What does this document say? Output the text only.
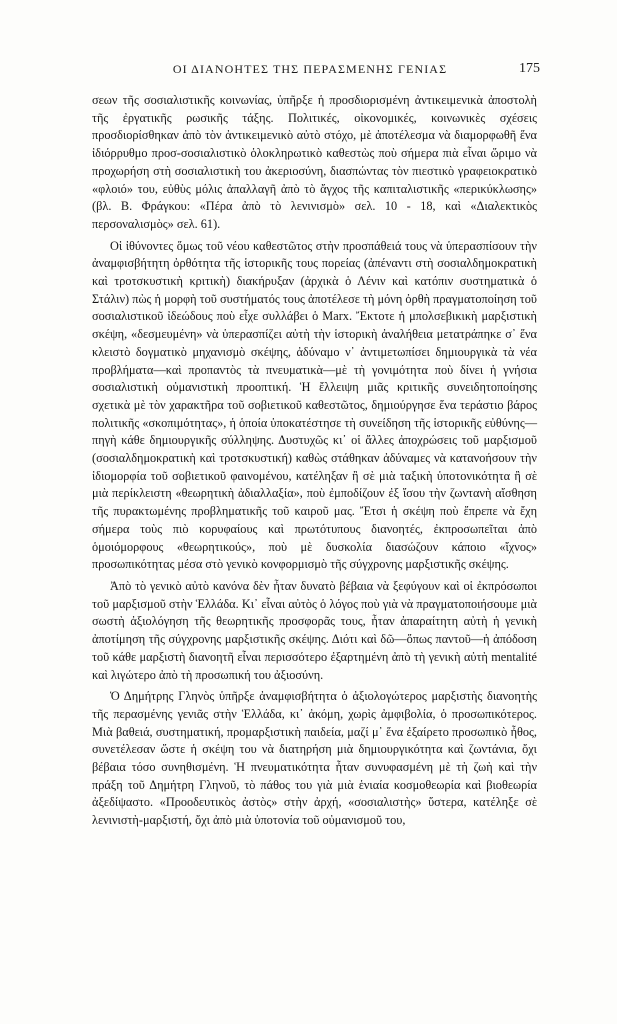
ΟΙ ΔΙΑΝΟΗΤΕΣ ΤΗΣ ΠΕΡΑΣΜΕΝΗΣ ΓΕΝΙΑΣ	175

σεων τῆς σοσιαλιστικῆς κοινωνίας, ὑπῆρξε ἡ προσδιορισμένη ἀντικειμενικὰ ἀποστολὴ τῆς ἐργατικῆς ρωσικῆς τάξης. Πολιτικές, οἰκονομικές, κοινωνικὲς σχέσεις προσδιορίσθηκαν ἀπὸ τὸν ἀντικειμενικὸ αὐτὸ στόχο, μὲ ἀποτέλεσμα νὰ διαμορφωθῆ ἕνα ἰδιόρρυθμο προσ-σοσιαλιστικὸ ὁλοκληρωτικὸ καθεστὼς ποὺ σήμερα πιὰ εἶναι ὥριμο νὰ προχωρήση στὴ σοσιαλιστικὴ του ἀκεριοσύνη, διασπώντας τὸν πιεστικὸ γραφειοκρατικὸ «φλοιό» του, εὐθὺς μόλις ἀπαλλαγῆ ἀπὸ τὸ ἄγχος τῆς καπιταλιστικῆς «περικύκλωσης» (βλ. Β. Φράγκου: «Πέρα ἀπὸ τὸ λενινισμὸ» σελ. 10 - 18, καὶ «Διαλεκτικὸς περσοναλισμὸς» σελ. 61).

Οἱ ἰθύνοντες ὅμως τοῦ νέου καθεστῶτος στὴν προσπάθειά τους νὰ ὑπερασπίσουν τὴν ἀναμφισβήτητη ὀρθότητα τῆς ἱστορικῆς τους πορείας (ἀπέναντι στὴ σοσιαλδημοκρατικὴ καὶ τροτσκυστικὴ κριτικὴ) διακήρυξαν (ἀρχικὰ ὁ Λένιν καὶ κατόπιν συστηματικὰ ὁ Στάλιν) πὼς ἡ μορφὴ τοῦ συστήματός τους ἀποτέλεσε τὴ μόνη ὀρθὴ πραγματοποίηση τοῦ σοσιαλιστικοῦ ἰδεώδους ποὺ εἶχε συλλάβει ὁ Marx. Ἔκτοτε ἡ μπολσεβικικὴ μαρξιστικὴ σκέψη, «δεσμευμένη» νὰ ὑπερασπίζει αὐτὴ τὴν ἱστορικὴ ἀναλήθεια μετατράπηκε σ᾽ ἕνα κλειστὸ δογματικὸ μηχανισμὸ σκέψης, ἀδύναμο ν᾽ ἀντιμετωπίσει δημιουργικὰ τὰ νέα προβλήματα—καὶ προπαντὸς τὰ πνευματικὰ—μὲ τὴ γονιμότητα ποὺ δίνει ἡ γνήσια σοσιαλιστικὴ οὐμανιστικὴ προοπτική. Ἡ ἔλλειψη μιᾶς κριτικῆς συνειδητοποίησης σχετικὰ μὲ τὸν χαρακτῆρα τοῦ σοβιετικοῦ καθεστῶτος, δημιούργησε ἕνα τεράστιο βάρος πολιτικῆς «σκοπιμότητας», ἡ ὁποία ὑποκατέστησε τὴ συνείδηση τῆς ἱστορικῆς εὐθύνης—πηγὴ κάθε δημιουργικῆς σύλληψης. Δυστυχῶς κι᾽ οἱ ἄλλες ἀποχρώσεις τοῦ μαρξισμοῦ (σοσιαλδημοκρατικὴ καὶ τροτσκυστική) καθὼς στάθηκαν ἀδύναμες νὰ κατανοήσουν τὴν ἰδιομορφία τοῦ σοβιετικοῦ φαινομένου, κατέληξαν ἢ σὲ μιὰ ταξικὴ ὑποτονικότητα ἢ σὲ μιὰ περίκλειστη «θεωρητικὴ ἀδιαλλαξία», ποὺ ἐμποδίζουν ἐξ ἴσου τὴν ζωντανὴ αἴσθηση τῆς πυρακτωμένης προβληματικῆς τοῦ καιροῦ μας. Ἔτσι ἡ σκέψη ποὺ ἔπρεπε νὰ ἔχη σήμερα τοὺς πιὸ κορυφαίους καὶ πρωτότυπους διανοητές, ἐκπροσωπεῖται ἀπὸ ὁμοιόμορφους «θεωρητικούς», ποὺ μὲ δυσκολία διασώζουν κάποιο «ἴχνος» προσωπικότητας μέσα στὸ γενικὸ κονφορμισμὸ τῆς σύγχρονης μαρξιστικῆς σκέψης.

Ἀπὸ τὸ γενικὸ αὐτὸ κανόνα δὲν ἦταν δυνατὸ βέβαια νὰ ξεφύγουν καὶ οἱ ἐκπρόσωποι τοῦ μαρξισμοῦ στὴν Ἑλλάδα. Κι᾽ εἶναι αὐτὸς ὁ λόγος ποὺ γιὰ νὰ πραγματοποιήσουμε μιὰ σωστὴ ἀξιολόγηση τῆς θεωρητικῆς προσφορᾶς τους, ἦταν ἀπαραίτητη αὐτὴ ἡ γενικὴ ἀποτίμηση τῆς σύγχρονης μαρξιστικῆς σκέψης. Διότι καὶ δῶ—ὅπως παντοῦ—ἡ ἀπόδοση τοῦ κάθε μαρξιστὴ διανοητῆ εἶναι περισσότερο ἐξαρτημένη ἀπὸ τὴ γενικὴ αὐτὴ mentalité καὶ λιγώτερο ἀπὸ τὴ προσωπική του ἀξιοσύνη.

Ὁ Δημήτρης Γληνὸς ὑπῆρξε ἀναμφισβήτητα ὁ ἀξιολογώτερος μαρξιστὴς διανοητὴς τῆς περασμένης γενιᾶς στὴν Ἑλλάδα, κι᾽ ἀκόμη, χωρὶς ἀμφιβολία, ὁ προσωπικότερος. Μιὰ βαθειά, συστηματική, προμαρξιστικὴ παιδεία, μαζί μ᾽ ἕνα ἐξαίρετο προσωπικὸ ἦθος, συνετέλεσαν ὥστε ἡ σκέψη του νὰ διατηρήση μιὰ δημιουργικότητα καὶ ζωντάνια, ὄχι βέβαια τόσο συνηθισμένη. Ἡ πνευματικότητα ἦταν συνυφασμένη μὲ τὴ ζωὴ καὶ τὴν πράξη τοῦ Δημήτρη Γληνοῦ, τὸ πάθος του γιὰ μιὰ ἑνιαία κοσμοθεωρία καὶ βιοθεωρία ἀξεδίψαστο. «Προοδευτικὸς ἀστὸς» στὴν ἀρχή, «σοσιαλιστὴς» ὕστερα, κατέληξε σὲ λενινιστὴ-μαρξιστή, ὄχι ἀπὸ μιὰ ὑποτονία τοῦ οὐμανισμοῦ του,
